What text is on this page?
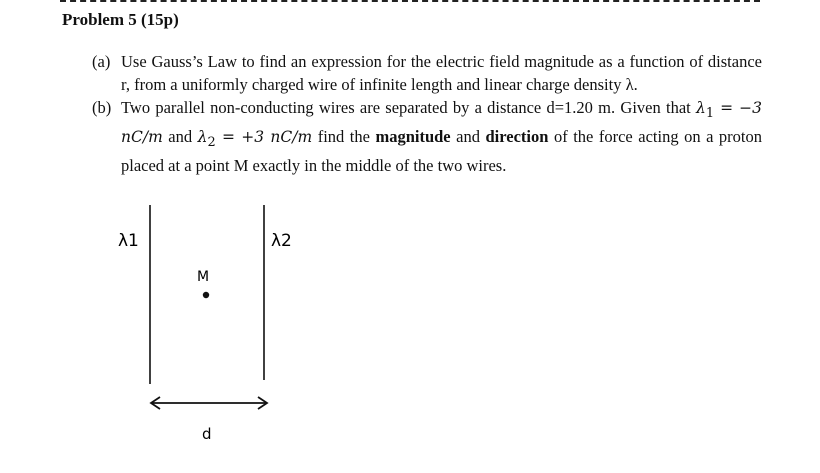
Problem 5 (15p)

(a) Use Gauss’s Law to find an expression for the electric field magnitude as a function of distance r, from a uniformly charged wire of infinite length and linear charge density λ.

(b) Two parallel non-conducting wires are separated by a distance d=1.20 m. Given that $\lambda_1 = -3$ nC/m and $\lambda_2 = +3$ nC/m find the magnitude and direction of the force acting on a proton placed at a point M exactly in the middle of the two wires.

λ1	λ2
M
d
